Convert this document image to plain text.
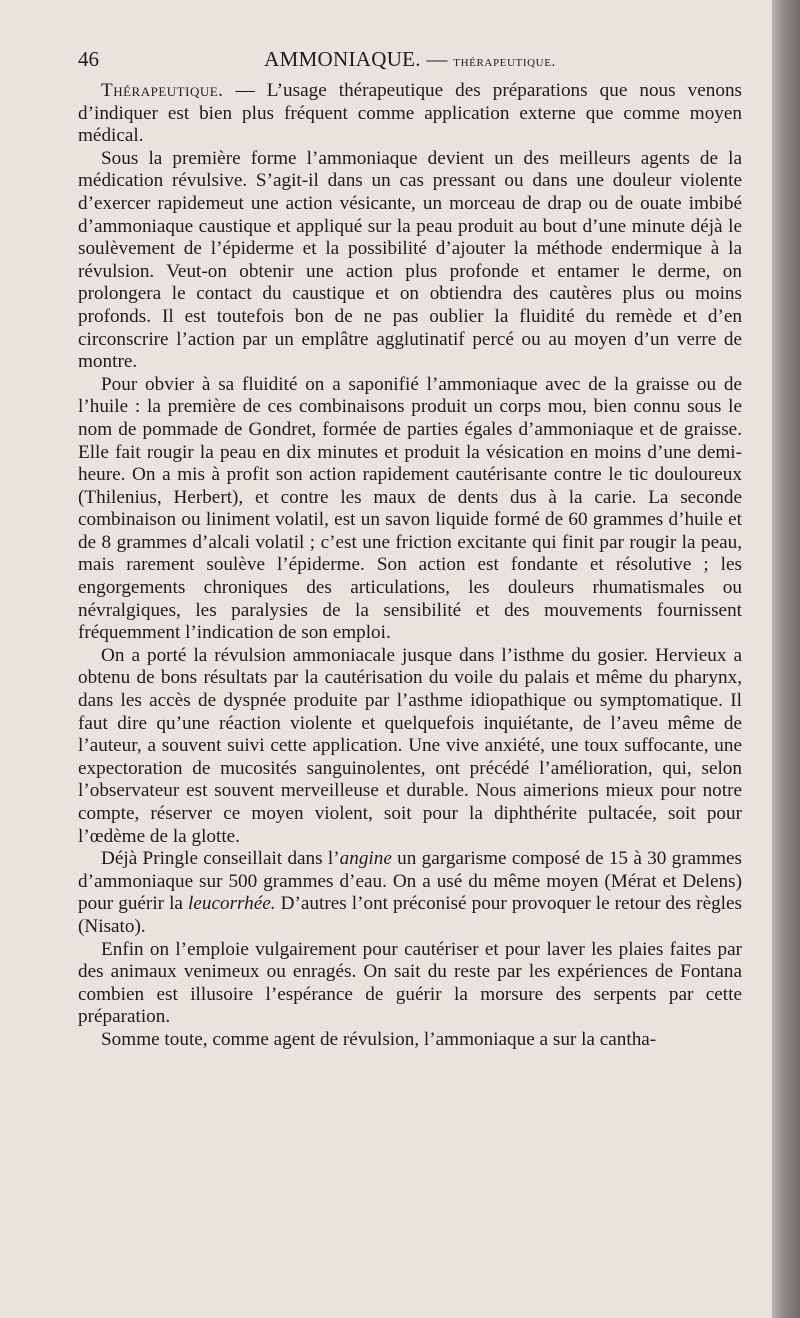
46	AMMONIAQUE. — thérapeutique.

Thérapeutique. — L’usage thérapeutique des préparations que nous venons d’indiquer est bien plus fréquent comme application externe que comme moyen médical.

Sous la première forme l’ammoniaque devient un des meilleurs agents de la médication révulsive. S’agit-il dans un cas pressant ou dans une douleur violente d’exercer rapidemeut une action vésicante, un morceau de drap ou de ouate imbibé d’ammoniaque caustique et appliqué sur la peau produit au bout d’une minute déjà le soulèvement de l’épiderme et la possibilité d’ajouter la méthode endermique à la révulsion. Veut-on obtenir une action plus profonde et entamer le derme, on prolongera le contact du caustique et on obtiendra des cautères plus ou moins profonds. Il est toutefois bon de ne pas oublier la fluidité du remède et d’en circonscrire l’action par un emplâtre agglutinatif percé ou au moyen d’un verre de montre.

Pour obvier à sa fluidité on a saponifié l’ammoniaque avec de la graisse ou de l’huile : la première de ces combinaisons produit un corps mou, bien connu sous le nom de pommade de Gondret, formée de parties égales d’ammoniaque et de graisse. Elle fait rougir la peau en dix minutes et produit la vésication en moins d’une demi-heure. On a mis à profit son action rapidement cautérisante contre le tic douloureux (Thilenius, Herbert), et contre les maux de dents dus à la carie. La seconde combinaison ou liniment volatil, est un savon liquide formé de 60 grammes d’huile et de 8 grammes d’alcali volatil ; c’est une friction excitante qui finit par rougir la peau, mais rarement soulève l’épiderme. Son action est fondante et résolutive ; les engorgements chroniques des articulations, les douleurs rhumatismales ou névralgiques, les paralysies de la sensibilité et des mouvements fournissent fréquemment l’indication de son emploi.

On a porté la révulsion ammoniacale jusque dans l’isthme du gosier. Hervieux a obtenu de bons résultats par la cautérisation du voile du palais et même du pharynx, dans les accès de dyspnée produite par l’asthme idiopathique ou symptomatique. Il faut dire qu’une réaction violente et quelquefois inquiétante, de l’aveu même de l’auteur, a souvent suivi cette application. Une vive anxiété, une toux suffocante, une expectoration de mucosités sanguinolentes, ont précédé l’amélioration, qui, selon l’observateur est souvent merveilleuse et durable. Nous aimerions mieux pour notre compte, réserver ce moyen violent, soit pour la diphthérite pultacée, soit pour l’œdème de la glotte.

Déjà Pringle conseillait dans l’angine un gargarisme composé de 15 à 30 grammes d’ammoniaque sur 500 grammes d’eau. On a usé du même moyen (Mérat et Delens) pour guérir la leucorrhée. D’autres l’ont préconisé pour provoquer le retour des règles (Nisato).

Enfin on l’emploie vulgairement pour cautériser et pour laver les plaies faites par des animaux venimeux ou enragés. On sait du reste par les expériences de Fontana combien est illusoire l’espérance de guérir la morsure des serpents par cette préparation.

Somme toute, comme agent de révulsion, l’ammoniaque a sur la cantha-
